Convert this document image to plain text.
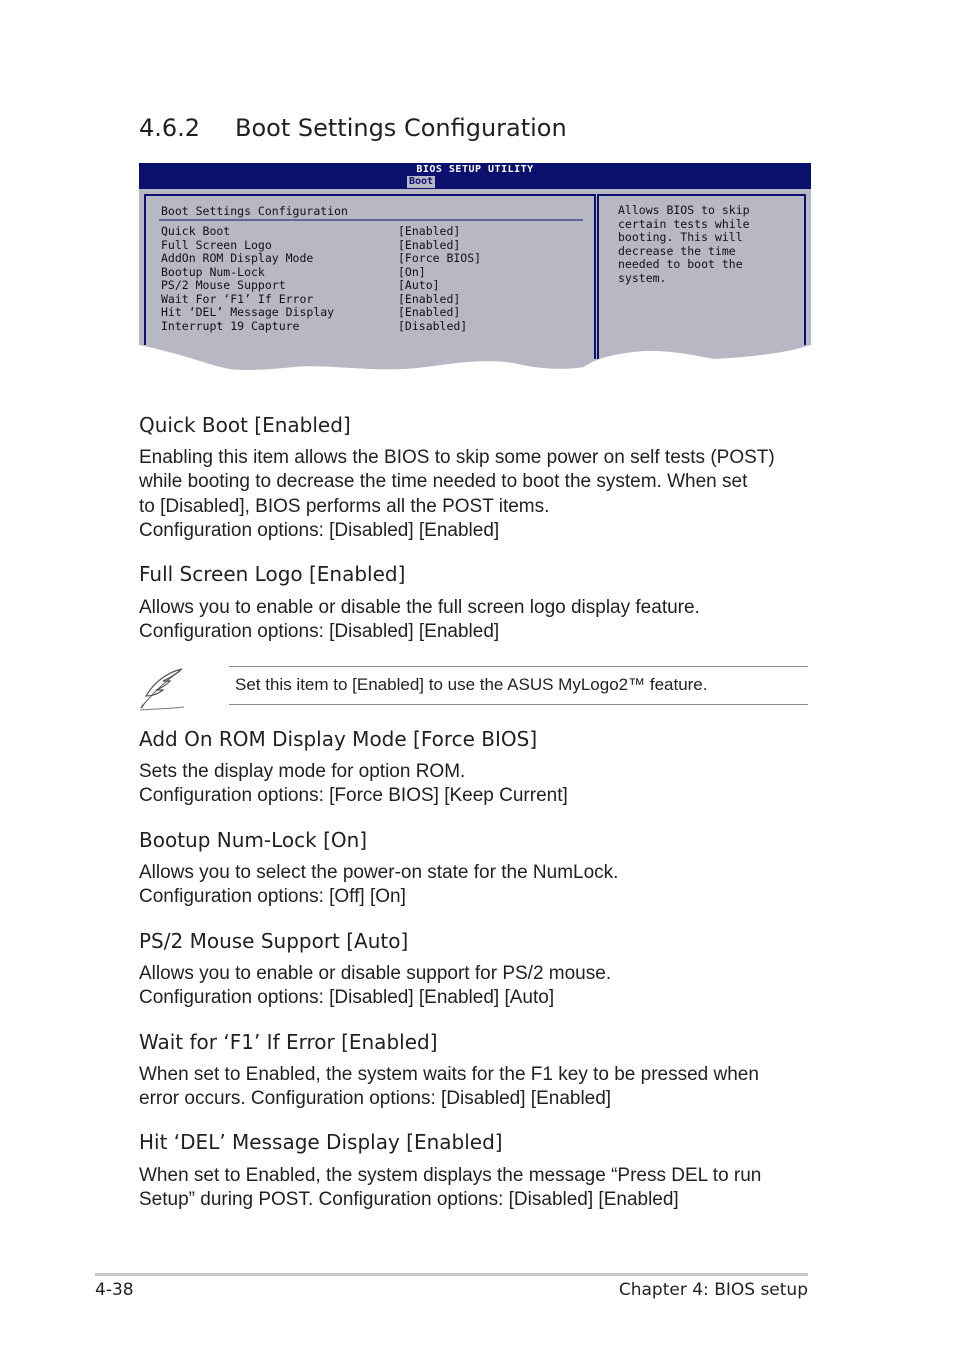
4.6.2 Boot Settings Configuration
BIOS SETUP UTILITY
Boot
Boot Settings Configuration
Quick Boot	[Enabled]
Full Screen Logo	[Enabled]
AddOn ROM Display Mode	[Force BIOS]
Bootup Num-Lock	[On]
PS/2 Mouse Support	[Auto]
Wait For ‘F1’ If Error	[Enabled]
Hit ‘DEL’ Message Display	[Enabled]
Interrupt 19 Capture	[Disabled]
Allows BIOS to skip
certain tests while
booting. This will
decrease the time
needed to boot the
system.
Quick Boot [Enabled]

Enabling this item allows the BIOS to skip some power on self tests (POST)
while booting to decrease the time needed to boot the system. When set
to [Disabled], BIOS performs all the POST items.
Configuration options: [Disabled] [Enabled]

Full Screen Logo [Enabled]

Allows you to enable or disable the full screen logo display feature.
Configuration options: [Disabled] [Enabled]

Set this item to [Enabled] to use the ASUS MyLogo2™ feature.
Add On ROM Display Mode [Force BIOS]

Sets the display mode for option ROM.
Configuration options: [Force BIOS] [Keep Current]

Bootup Num-Lock [On]

Allows you to select the power-on state for the NumLock.
Configuration options: [Off] [On]

PS/2 Mouse Support [Auto]

Allows you to enable or disable support for PS/2 mouse.
Configuration options: [Disabled] [Enabled] [Auto]

Wait for ‘F1’ If Error [Enabled]

When set to Enabled, the system waits for the F1 key to be pressed when
error occurs. Configuration options: [Disabled] [Enabled]

Hit ‘DEL’ Message Display [Enabled]

When set to Enabled, the system displays the message “Press DEL to run
Setup” during POST. Configuration options: [Disabled] [Enabled]

4-38	Chapter 4: BIOS setup
